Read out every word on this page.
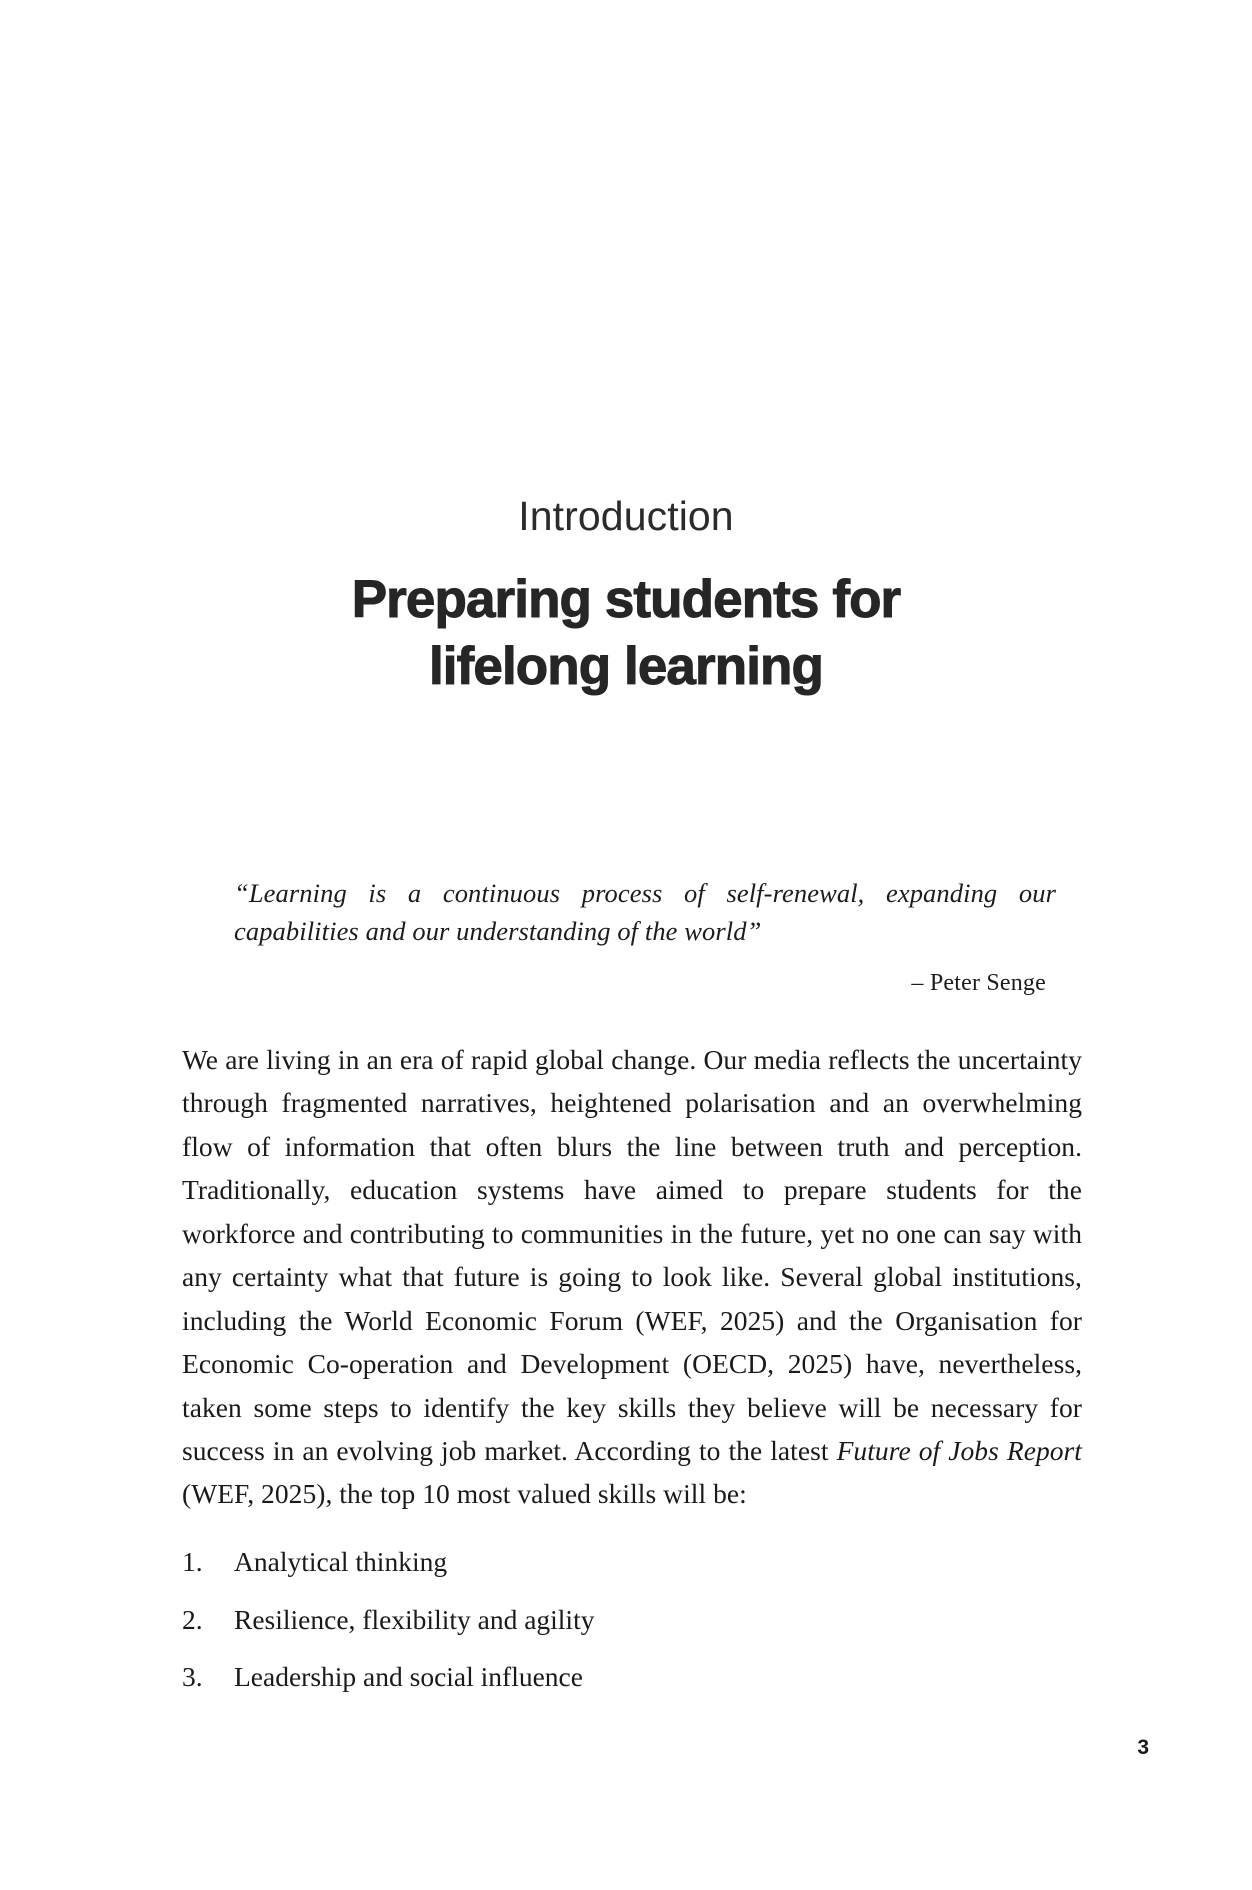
Introduction
Preparing students for
lifelong learning

“Learning is a continuous process of self-renewal, expanding our
capabilities and our understanding of the world”

– Peter Senge

We are living in an era of rapid global change. Our media reflects the uncertainty through fragmented narratives, heightened polarisation and an overwhelming flow of information that often blurs the line between truth and perception. Traditionally, education systems have aimed to prepare students for the workforce and contributing to communities in the future, yet no one can say with any certainty what that future is going to look like. Several global institutions, including the World Economic Forum (WEF, 2025) and the Organisation for Economic Co-operation and Development (OECD, 2025) have, nevertheless, taken some steps to identify the key skills they believe will be necessary for success in an evolving job market. According to the latest Future of Jobs Report (WEF, 2025), the top 10 most valued skills will be:

1.	Analytical thinking
2.	Resilience, flexibility and agility
3.	Leadership and social influence
3
